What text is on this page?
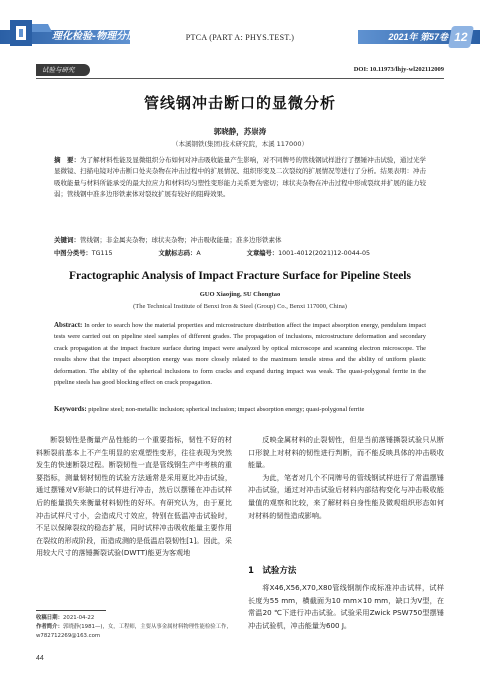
理化检验-物理分册	PTCA (PART A: PHYS.TEST.)	2021年 第57卷 12
试验与研究	DOI: 10.11973/lhjy-wl202112009
管线钢冲击断口的显微分析
郭晓静，苏崇涛
（本溪钢铁(集团)技术研究院，本溪 117000）
摘　要：为了解材料性能及显微组织分布如何对冲击吸收能量产生影响，对不同牌号的管线钢试样进行了摆锤冲击试验，通过光学显微镜、扫描电镜对冲击断口处夹杂物在冲击过程中的扩展情况、组织形变及二次裂纹的扩展情况等进行了分析。结果表明：冲击吸收能量与材料所能承受的最大拉应力和材料均匀塑性变形能力关系更为密切；球状夹杂物在冲击过程中形成裂纹并扩展的能力较弱；管线钢中准多边形铁素体对裂纹扩展有较好的阻碍效果。
关键词：管线钢；非金属夹杂物；球状夹杂物；冲击吸收能量；准多边形铁素体
中图分类号：TG115	文献标志码：A	文章编号：1001-4012(2021)12-0044-05
Fractographic Analysis of Impact Fracture Surface for Pipeline Steels
GUO Xiaojing, SU Chongtao
(The Technical Institute of Benxi Iron & Steel (Group) Co., Benxi 117000, China)
Abstract: In order to search how the material properties and microstructure distribution affect the impact absorption energy, pendulum impact tests were carried out on pipeline steel samples of different grades. The propagation of inclusions, microstructure deformation and secondary crack propagation at the impact fracture surface during impact were analyzed by optical microscope and scanning electron microscope. The results show that the impact absorption energy was more closely related to the maximum tensile stress and the ability of uniform plastic deformation. The ability of the spherical inclusions to form cracks and expand during impact was weak. The quasi-polygonal ferrite in the pipeline steels has good blocking effect on crack propagation.
Keywords: pipeline steel; non-metallic inclusion; spherical inclusion; impact absorption energy; quasi-polygonal ferrite

断裂韧性是衡量产品性能的一个重要指标，韧性不好的材料断裂前基本上不产生明显的宏观塑性变形，往往表现为突然发生的快速断裂过程。断裂韧性一直是管线钢生产中考核的重要指标，测量韧材韧性的试验方法通常是采用夏比冲击试验，通过摆锤对V形缺口的试样进行冲击，然后以摆锤在冲击试样后的能量损失来衡量材料韧性的好坏。有研究认为，由于夏比冲击试样尺寸小，会造成尺寸效应，特别在低温冲击试验时，不足以保障裂纹的稳态扩展，同时试样冲击吸收能量主要作用在裂纹的形成阶段，而造成测的是低温启裂韧性[1]。因此，采用较大尺寸的落锤撕裂试验(DWTT)能更为客观地

反映金属材料的止裂韧性，但是当前落锤撕裂试验只从断口形貌上对材料的韧性进行判断，而不能反映具体的冲击吸收能量。

为此，笔者对几个不同牌号的管线钢试样进行了常温摆锤冲击试验，通过对冲击试验后材料内部结构变化与冲击吸收能量值的观察和比较，来了解材料自身性能及微观组织形态如何对材料的韧性造成影响。

1　试验方法

将X46,X56,X70,X80管线钢制作成标准冲击试样，试样长度为55 mm，横截面为10 mm×10 mm，缺口为V型，在常温20 ℃下进行冲击试验。试验采用Zwick PSW750型摆锤冲击试验机，冲击能量为600 J。

收稿日期：2021-04-22
作者简介：郭晓静(1981—)，女，工程师，主要从事金属材料物理性能检验工作，w782712269@163.com
44
